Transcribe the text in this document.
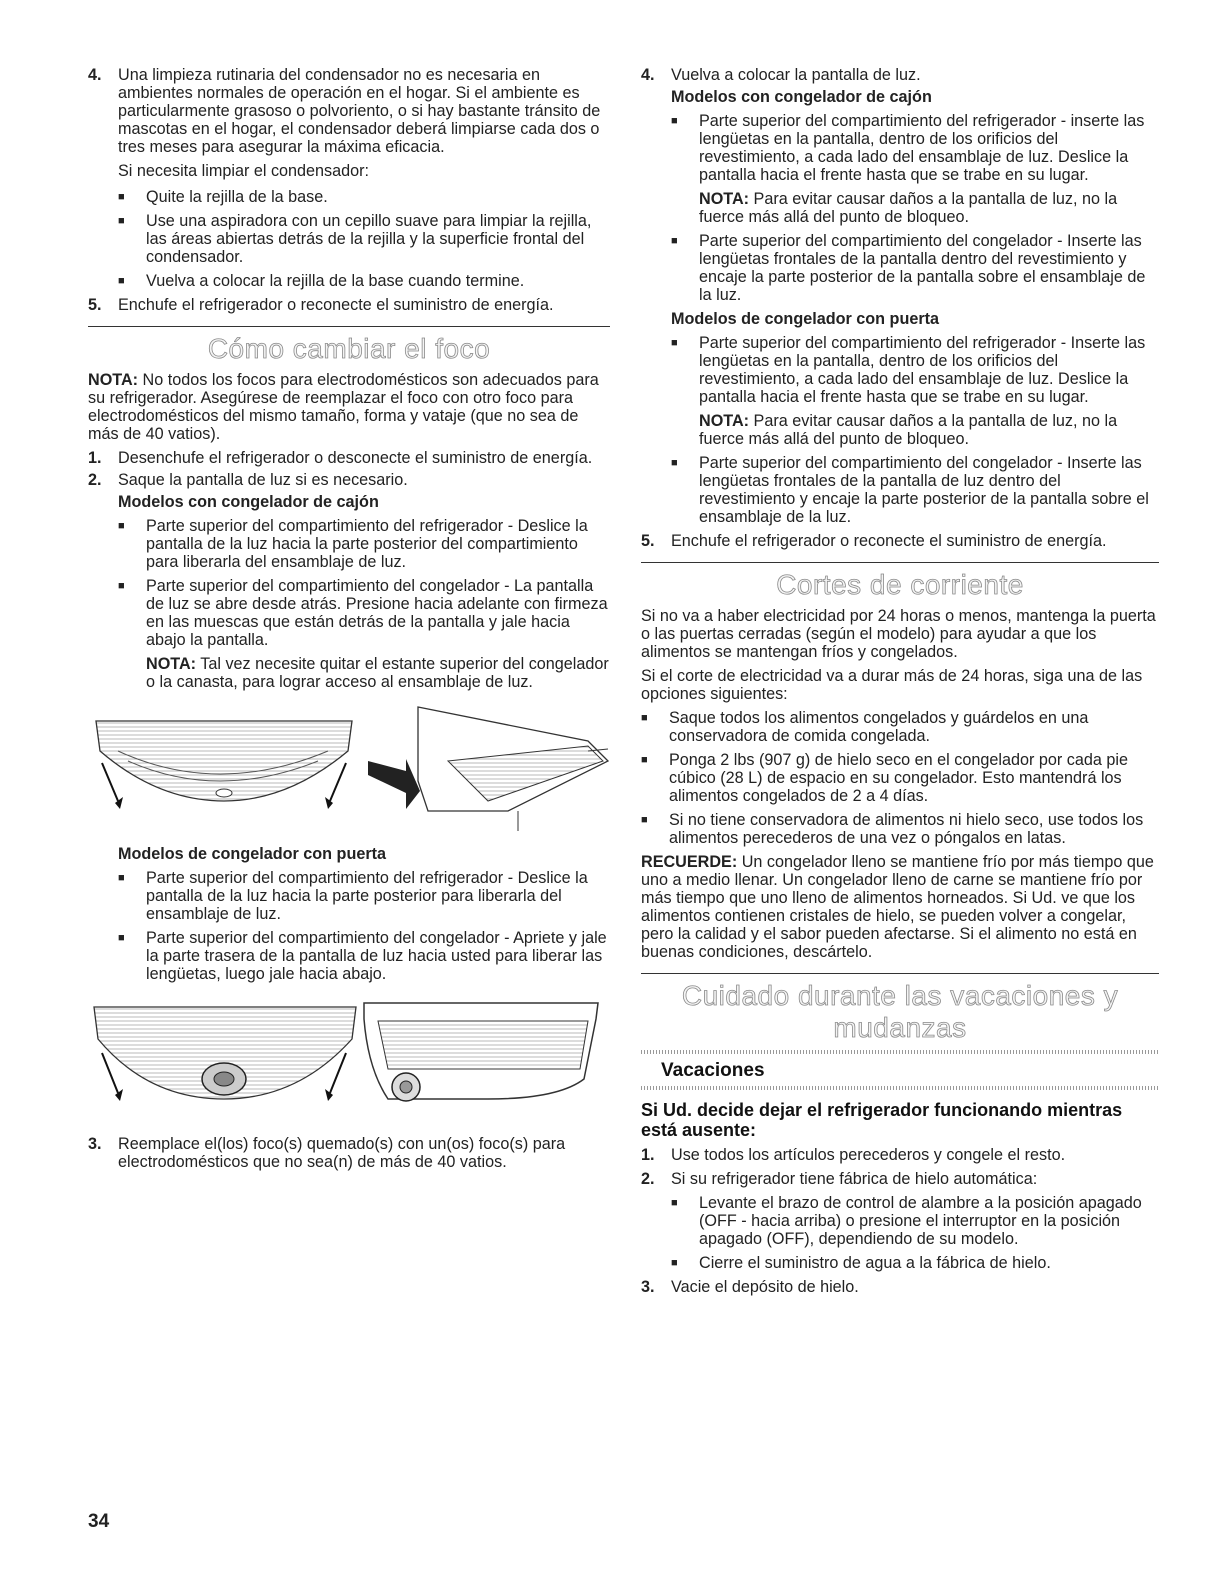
4.	Una limpieza rutinaria del condensador no es necesaria en ambientes normales de operación en el hogar. Si el ambiente es particularmente grasoso o polvoriento, o si hay bastante tránsito de mascotas en el hogar, el condensador deberá limpiarse cada dos o tres meses para asegurar la máxima eficacia.

Si necesita limpiar el condensador:

■	Quite la rejilla de la base.
■	Use una aspiradora con un cepillo suave para limpiar la rejilla, las áreas abiertas detrás de la rejilla y la superficie frontal del condensador.
■	Vuelva a colocar la rejilla de la base cuando termine.
5.	Enchufe el refrigerador o reconecte el suministro de energía.
Cómo cambiar el foco

NOTA: No todos los focos para electrodomésticos son adecuados para su refrigerador. Asegúrese de reemplazar el foco con otro foco para electrodomésticos del mismo tamaño, forma y vataje (que no sea de más de 40 vatios).

1.	Desenchufe el refrigerador o desconecte el suministro de energía.
2.	Saque la pantalla de luz si es necesario.
Modelos con congelador de cajón
■	Parte superior del compartimiento del refrigerador - Deslice la pantalla de la luz hacia la parte posterior del compartimiento para liberarla del ensamblaje de luz.
■	Parte superior del compartimiento del congelador - La pantalla de luz se abre desde atrás. Presione hacia adelante con firmeza en las muescas que están detrás de la pantalla y jale hacia abajo la pantalla.

NOTA: Tal vez necesite quitar el estante superior del congelador o la canasta, para lograr acceso al ensamblaje de luz.

Modelos de congelador con puerta
■	Parte superior del compartimiento del refrigerador - Deslice la pantalla de la luz hacia la parte posterior para liberarla del ensamblaje de luz.
■	Parte superior del compartimiento del congelador - Apriete y jale la parte trasera de la pantalla de luz hacia usted para liberar las lengüetas, luego jale hacia abajo.
3.	Reemplace el(los) foco(s) quemado(s) con un(os) foco(s) para electrodomésticos que no sea(n) de más de 40 vatios.
4.	Vuelva a colocar la pantalla de luz.
Modelos con congelador de cajón
■	Parte superior del compartimiento del refrigerador - inserte las lengüetas en la pantalla, dentro de los orificios del revestimiento, a cada lado del ensamblaje de luz. Deslice la pantalla hacia el frente hasta que se trabe en su lugar.

NOTA: Para evitar causar daños a la pantalla de luz, no la fuerce más allá del punto de bloqueo.

■	Parte superior del compartimiento del congelador - Inserte las lengüetas frontales de la pantalla dentro del revestimiento y encaje la parte posterior de la pantalla sobre el ensamblaje de la luz.
Modelos de congelador con puerta
■	Parte superior del compartimiento del refrigerador - Inserte las lengüetas en la pantalla, dentro de los orificios del revestimiento, a cada lado del ensamblaje de luz. Deslice la pantalla hacia el frente hasta que se trabe en su lugar.

NOTA: Para evitar causar daños a la pantalla de luz, no la fuerce más allá del punto de bloqueo.

■	Parte superior del compartimiento del congelador - Inserte las lengüetas frontales de la pantalla de luz dentro del revestimiento y encaje la parte posterior de la pantalla sobre el ensamblaje de la luz.
5.	Enchufe el refrigerador o reconecte el suministro de energía.
Cortes de corriente

Si no va a haber electricidad por 24 horas o menos, mantenga la puerta o las puertas cerradas (según el modelo) para ayudar a que los alimentos se mantengan fríos y congelados.

Si el corte de electricidad va a durar más de 24 horas, siga una de las opciones siguientes:

■	Saque todos los alimentos congelados y guárdelos en una conservadora de comida congelada.
■	Ponga 2 lbs (907 g) de hielo seco en el congelador por cada pie cúbico (28 L) de espacio en su congelador. Esto mantendrá los alimentos congelados de 2 a 4 días.
■	Si no tiene conservadora de alimentos ni hielo seco, use todos los alimentos perecederos de una vez o póngalos en latas.

RECUERDE: Un congelador lleno se mantiene frío por más tiempo que uno a medio llenar. Un congelador lleno de carne se mantiene frío por más tiempo que uno lleno de alimentos horneados. Si Ud. ve que los alimentos contienen cristales de hielo, se pueden volver a congelar, pero la calidad y el sabor pueden afectarse. Si el alimento no está en buenas condiciones, descártelo.

Cuidado durante las vacaciones y mudanzas
Vacaciones
Si Ud. decide dejar el refrigerador funcionando mientras está ausente:
1.	Use todos los artículos perecederos y congele el resto.
2.	Si su refrigerador tiene fábrica de hielo automática:
■	Levante el brazo de control de alambre a la posición apagado (OFF - hacia arriba) o presione el interruptor en la posición apagado (OFF), dependiendo de su modelo.
■	Cierre el suministro de agua a la fábrica de hielo.
3.	Vacie el depósito de hielo.
34
